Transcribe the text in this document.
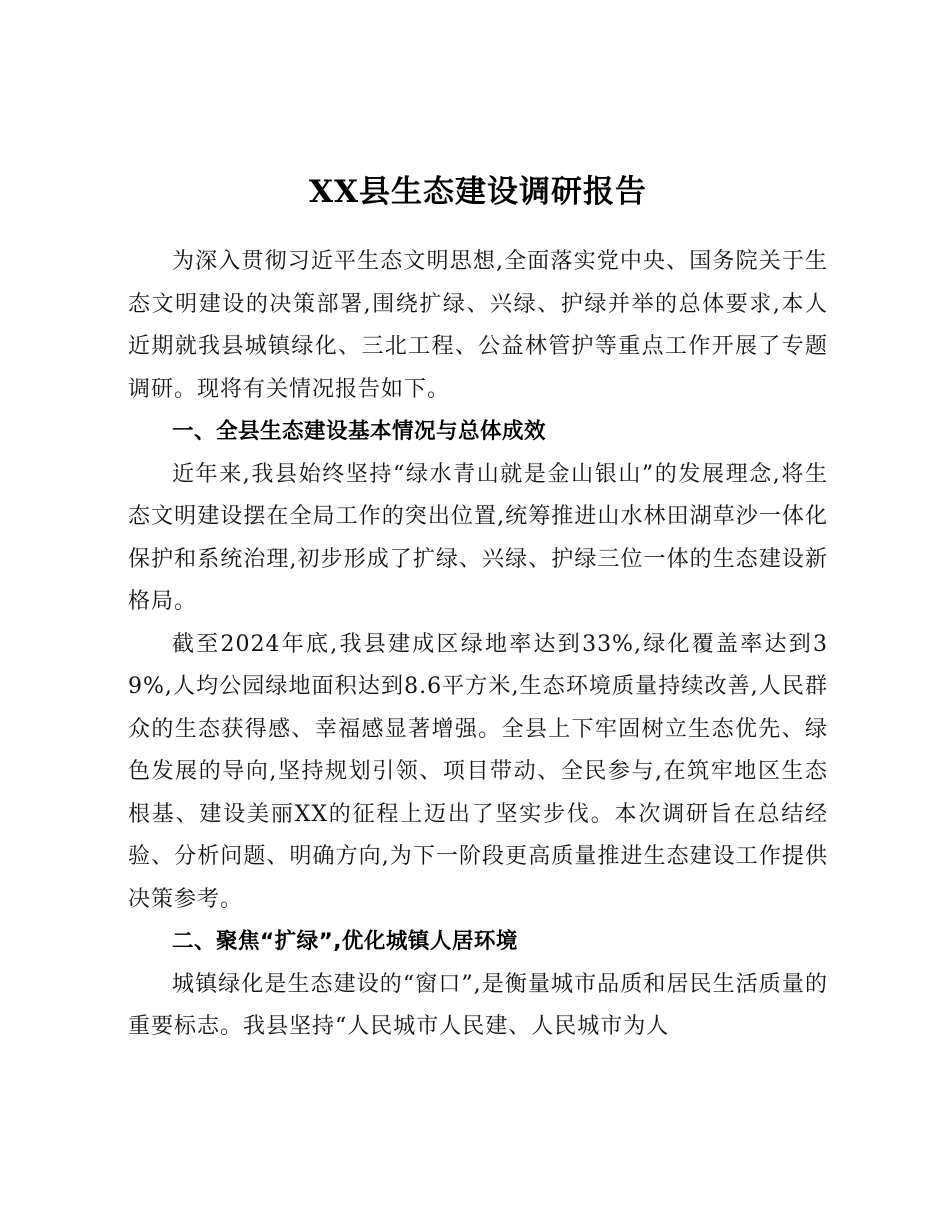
XX县生态建设调研报告

为深入贯彻习近平生态文明思想,全面落实党中央、国务院关于生态文明建设的决策部署,围绕扩绿、兴绿、护绿并举的总体要求,本人近期就我县城镇绿化、三北工程、公益林管护等重点工作开展了专题调研。现将有关情况报告如下。

一、全县生态建设基本情况与总体成效

近年来,我县始终坚持“绿水青山就是金山银山”的发展理念,将生态文明建设摆在全局工作的突出位置,统筹推进山水林田湖草沙一体化保护和系统治理,初步形成了扩绿、兴绿、护绿三位一体的生态建设新格局。

截至2024年底,我县建成区绿地率达到33%,绿化覆盖率达到39%,人均公园绿地面积达到8.6平方米,生态环境质量持续改善,人民群众的生态获得感、幸福感显著增强。全县上下牢固树立生态优先、绿色发展的导向,坚持规划引领、项目带动、全民参与,在筑牢地区生态根基、建设美丽XX的征程上迈出了坚实步伐。本次调研旨在总结经验、分析问题、明确方向,为下一阶段更高质量推进生态建设工作提供决策参考。

二、聚焦“扩绿”,优化城镇人居环境

城镇绿化是生态建设的“窗口”,是衡量城市品质和居民生活质量的重要标志。我县坚持“人民城市人民建、人民城市为人
